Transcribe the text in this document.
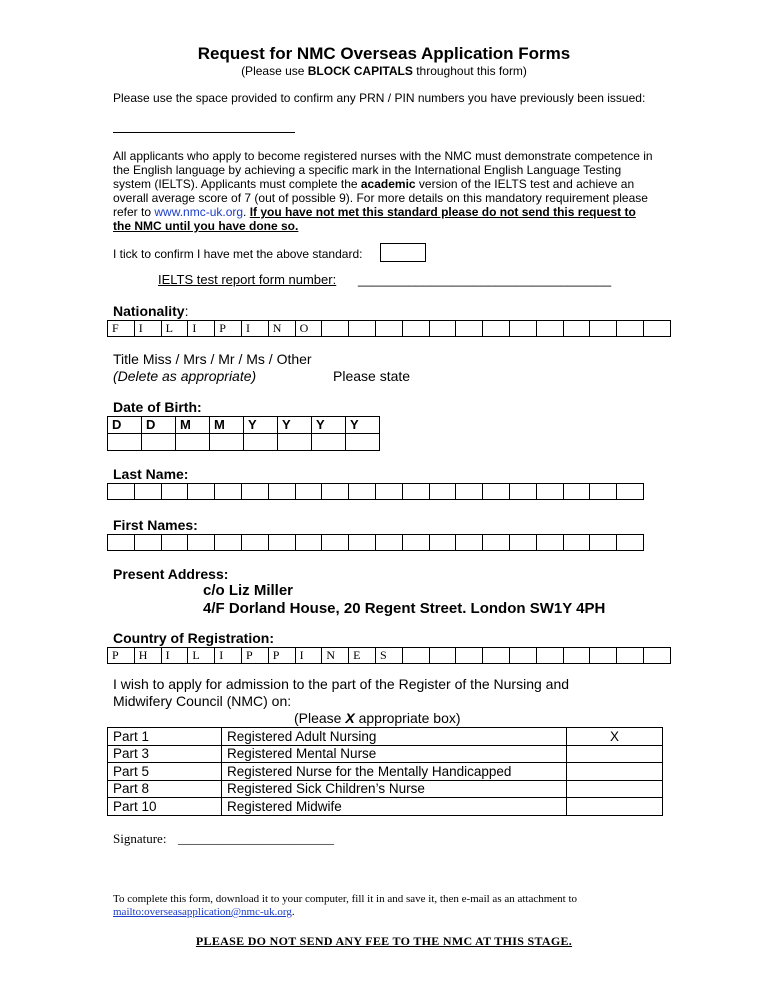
Request for NMC Overseas Application Forms
(Please use BLOCK CAPITALS throughout this form)
Please use the space provided to confirm any PRN / PIN numbers you have previously been issued:
All applicants who apply to become registered nurses with the NMC must demonstrate competence in the English language by achieving a specific mark in the International English Language Testing system (IELTS). Applicants must complete the academic version of the IELTS test and achieve an overall average score of 7 (out of possible 9). For more details on this mandatory requirement please refer to www.nmc-uk.org. If you have not met this standard please do not send this request to the NMC until you have done so.
I tick to confirm I have met the above standard:
IELTS test report form number: ___________________________________
Nationality:
F	I	L	I	P	I	N	O
Title Miss / Mrs / Mr / Ms / Other
(Delete as appropriate)	Please state
Date of Birth:
D	D	M	M	Y	Y	Y	Y

Last Name:
First Names:
Present Address:
c/o Liz Miller
4/F Dorland House, 20 Regent Street. London SW1Y 4PH
Country of Registration:
P	H	I	L	I	P	P	I	N	E	S
I wish to apply for admission to the part of the Register of the Nursing and
Midwifery Council (NMC) on:
(Please X appropriate box)
Part 1	Registered Adult Nursing	X
Part 3	Registered Mental Nurse	
Part 5	Registered Nurse for the Mentally Handicapped	
Part 8	Registered Sick Children’s Nurse	
Part 10	Registered Midwife	
Signature: ________________________
To complete this form, download it to your computer, fill it in and save it, then e-mail as an attachment to
mailto:overseasapplication@nmc-uk.org.
PLEASE DO NOT SEND ANY FEE TO THE NMC AT THIS STAGE.
